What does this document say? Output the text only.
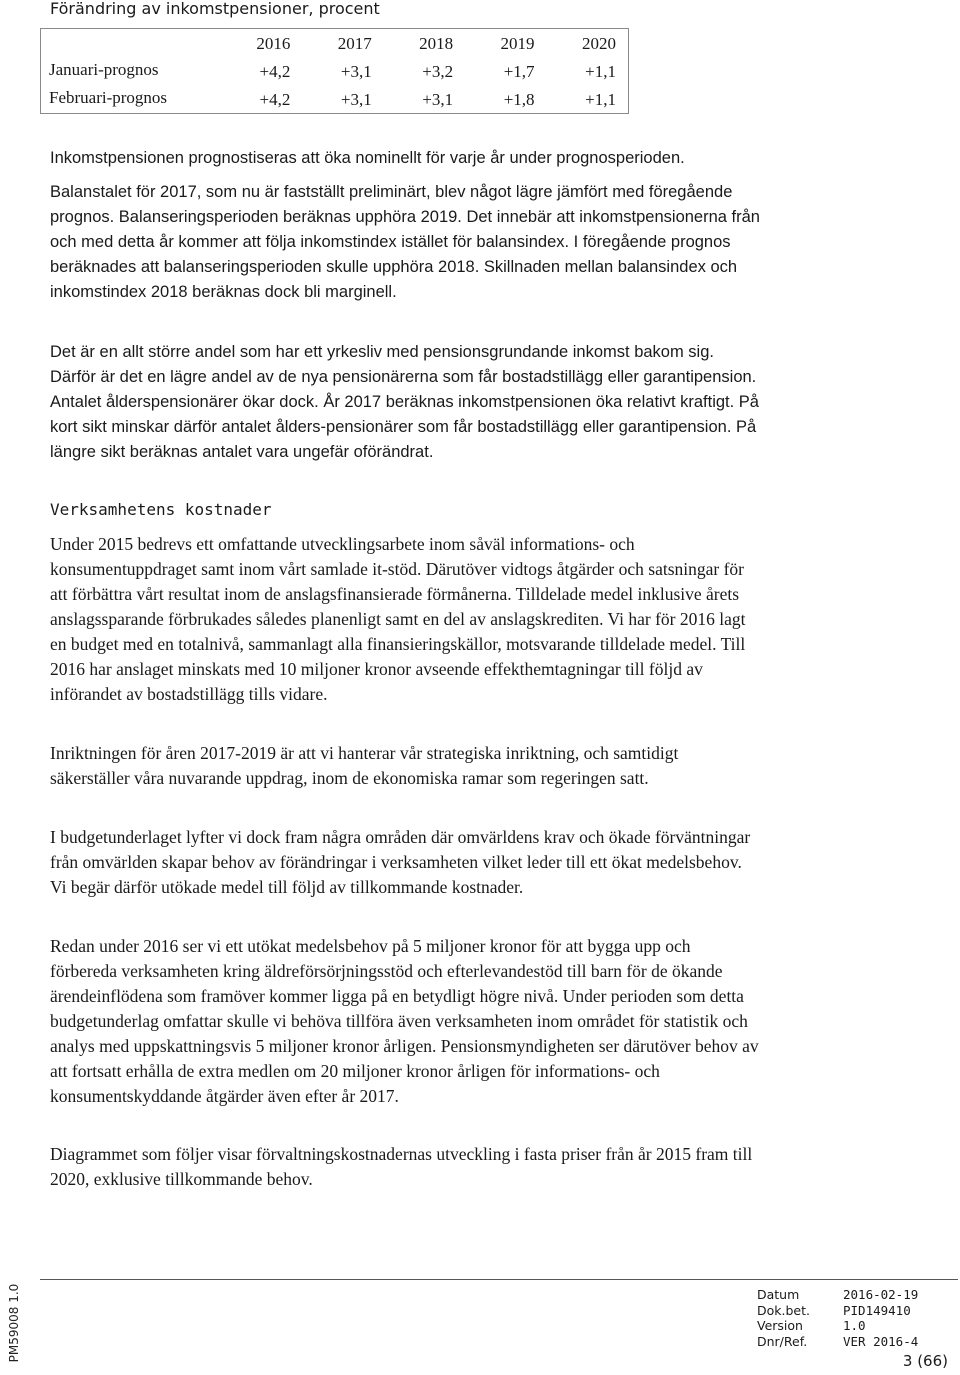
Förändring av inkomstpensioner, procent
	2016	2017	2018	2019	2020
Januari-prognos	+4,2	+3,1	+3,2	+1,7	+1,1
Februari-prognos	+4,2	+3,1	+3,1	+1,8	+1,1

Inkomstpensionen prognostiseras att öka nominellt för varje år under prognosperioden.

Balanstalet för 2017, som nu är fastställt preliminärt, blev något lägre jämfört med föregående prognos. Balanseringsperioden beräknas upphöra 2019. Det innebär att inkomstpensionerna från och med detta år kommer att följa inkomstindex istället för balansindex. I föregående prognos beräknades att balanseringsperioden skulle upphöra 2018. Skillnaden mellan balansindex och inkomstindex 2018 beräknas dock bli marginell.

Det är en allt större andel som har ett yrkesliv med pensionsgrundande inkomst bakom sig. Därför är det en lägre andel av de nya pensionärerna som får bostadstillägg eller garantipension. Antalet ålderspensionärer ökar dock. År 2017 beräknas inkomstpensionen öka relativt kraftigt. På kort sikt minskar därför antalet ålders-pensionärer som får bostadstillägg eller garantipension. På längre sikt beräknas antalet vara ungefär oförändrat.

Verksamhetens kostnader

Under 2015 bedrevs ett omfattande utvecklingsarbete inom såväl informations- och konsumentuppdraget samt inom vårt samlade it-stöd. Därutöver vidtogs åtgärder och satsningar för att förbättra vårt resultat inom de anslagsfinansierade förmånerna. Tilldelade medel inklusive årets anslagssparande förbrukades således planenligt samt en del av anslagskrediten. Vi har för 2016 lagt en budget med en totalnivå, sammanlagt alla finansieringskällor, motsvarande tilldelade medel. Till 2016 har anslaget minskats med 10 miljoner kronor avseende effekthemtagningar till följd av införandet av bostadstillägg tills vidare.

Inriktningen för åren 2017-2019 är att vi hanterar vår strategiska inriktning, och samtidigt säkerställer våra nuvarande uppdrag, inom de ekonomiska ramar som regeringen satt.

I budgetunderlaget lyfter vi dock fram några områden där omvärldens krav och ökade förväntningar från omvärlden skapar behov av förändringar i verksamheten vilket leder till ett ökat medelsbehov. Vi begär därför utökade medel till följd av tillkommande kostnader.

Redan under 2016 ser vi ett utökat medelsbehov på 5 miljoner kronor för att bygga upp och förbereda verksamheten kring äldreförsörjningsstöd och efterlevandestöd till barn för de ökande ärendeinflödena som framöver kommer ligga på en betydligt högre nivå. Under perioden som detta budgetunderlag omfattar skulle vi behöva tillföra även verksamheten inom området för statistik och analys med uppskattningsvis 5 miljoner kronor årligen. Pensionsmyndigheten ser därutöver behov av att fortsatt erhålla de extra medlen om 20 miljoner kronor årligen för informations- och konsumentskyddande åtgärder även efter år 2017.

Diagrammet som följer visar förvaltningskostnadernas utveckling i fasta priser från år 2015 fram till 2020, exklusive tillkommande behov.

PM59008 1.0	Datum	2016-02-19
Dok.bet.	PID149410
Version	1.0
Dnr/Ref.	VER 2016-4
3 (66)
